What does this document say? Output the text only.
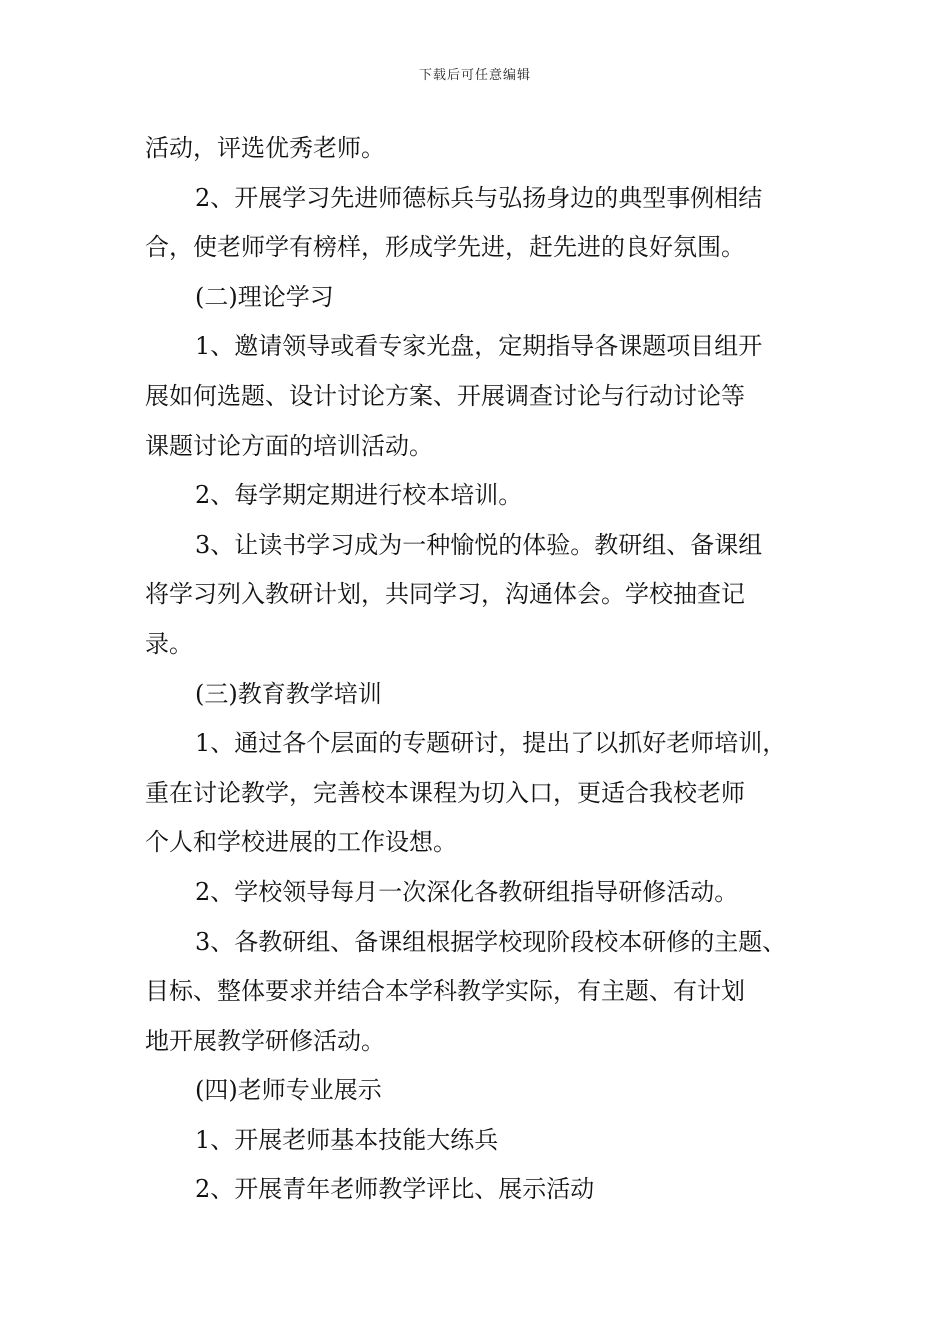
下载后可任意编辑
活动，评选优秀老师。
2、开展学习先进师德标兵与弘扬身边的典型事例相结
合，使老师学有榜样，形成学先进，赶先进的良好氛围。
(二)理论学习
1、邀请领导或看专家光盘，定期指导各课题项目组开
展如何选题、设计讨论方案、开展调查讨论与行动讨论等
课题讨论方面的培训活动。
2、每学期定期进行校本培训。
3、让读书学习成为一种愉悦的体验。教研组、备课组
将学习列入教研计划，共同学习，沟通体会。学校抽查记
录。
(三)教育教学培训
1、通过各个层面的专题研讨，提出了以抓好老师培训，
重在讨论教学，完善校本课程为切入口，更适合我校老师
个人和学校进展的工作设想。
2、学校领导每月一次深化各教研组指导研修活动。
3、各教研组、备课组根据学校现阶段校本研修的主题、
目标、整体要求并结合本学科教学实际，有主题、有计划
地开展教学研修活动。
(四)老师专业展示
1、开展老师基本技能大练兵
2、开展青年老师教学评比、展示活动
